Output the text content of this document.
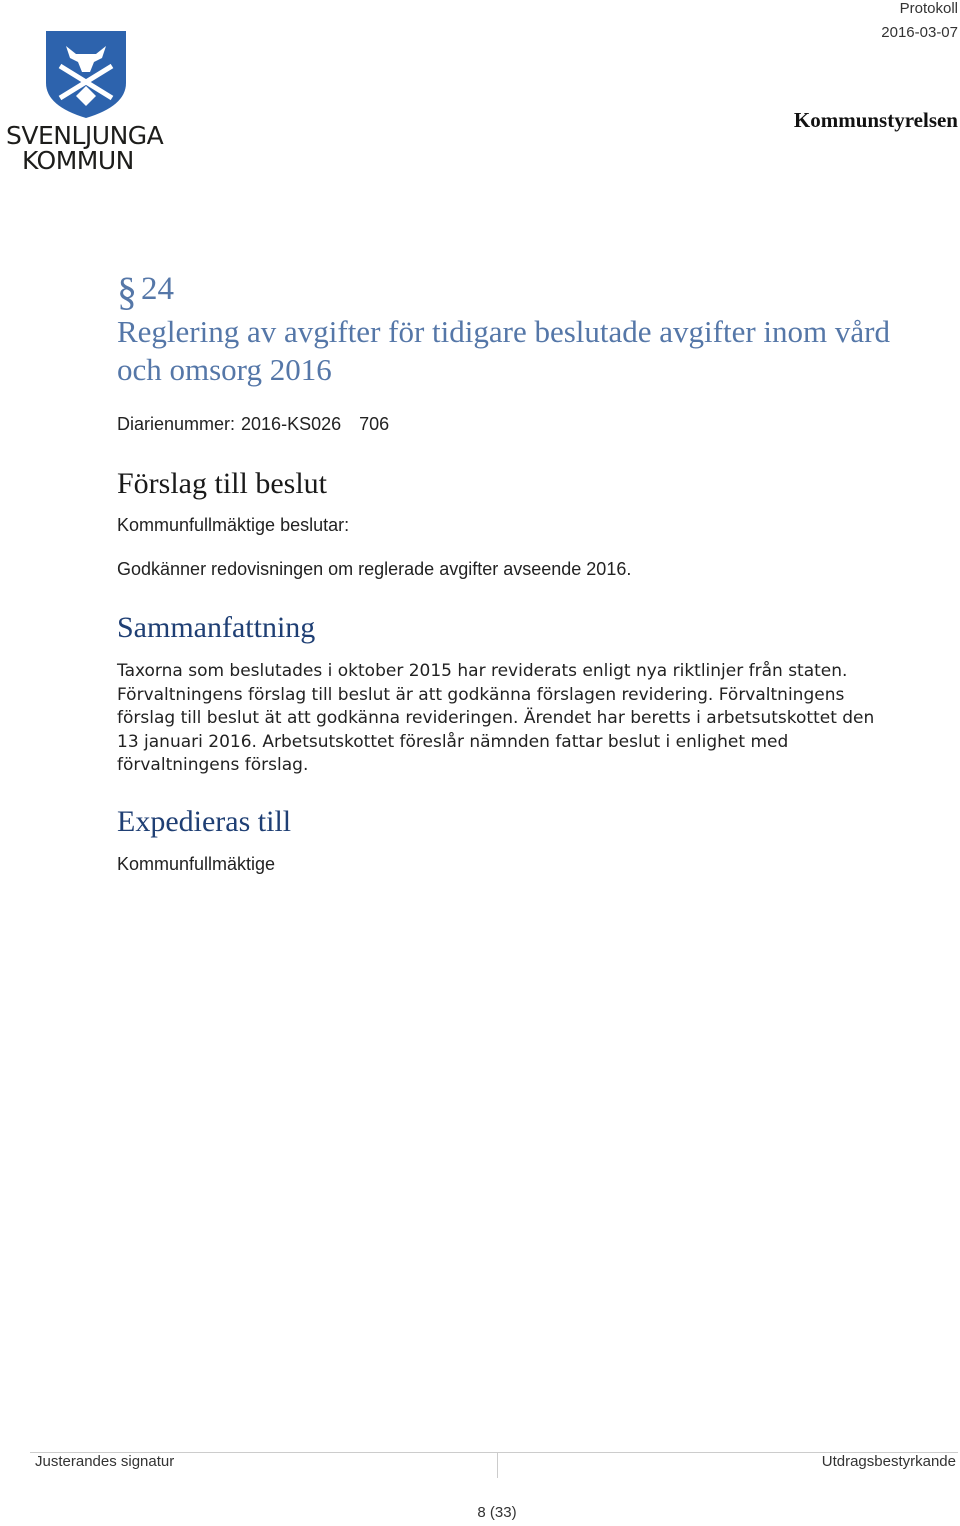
SVENLJUNGA
KOMMUN
Protokoll
2016-03-07
Kommunstyrelsen
§ 24
Reglering av avgifter för tidigare beslutade avgifter inom vård och omsorg 2016
Diarienummer: 2016-KS026   706
Förslag till beslut
Kommunfullmäktige beslutar:
Godkänner redovisningen om reglerade avgifter avseende 2016.
Sammanfattning
Taxorna som beslutades i oktober 2015 har reviderats enligt nya riktlinjer från staten. Förvaltningens förslag till beslut är att godkänna förslagen revidering. Förvaltningens förslag till beslut ät att godkänna revideringen. Ärendet har beretts i arbetsutskottet den 13 januari 2016. Arbetsutskottet föreslår nämnden fattar beslut i enlighet med förvaltningens förslag.
Expedieras till
Kommunfullmäktige
Justerandes signatur	Utdragsbestyrkande
8 (33)
